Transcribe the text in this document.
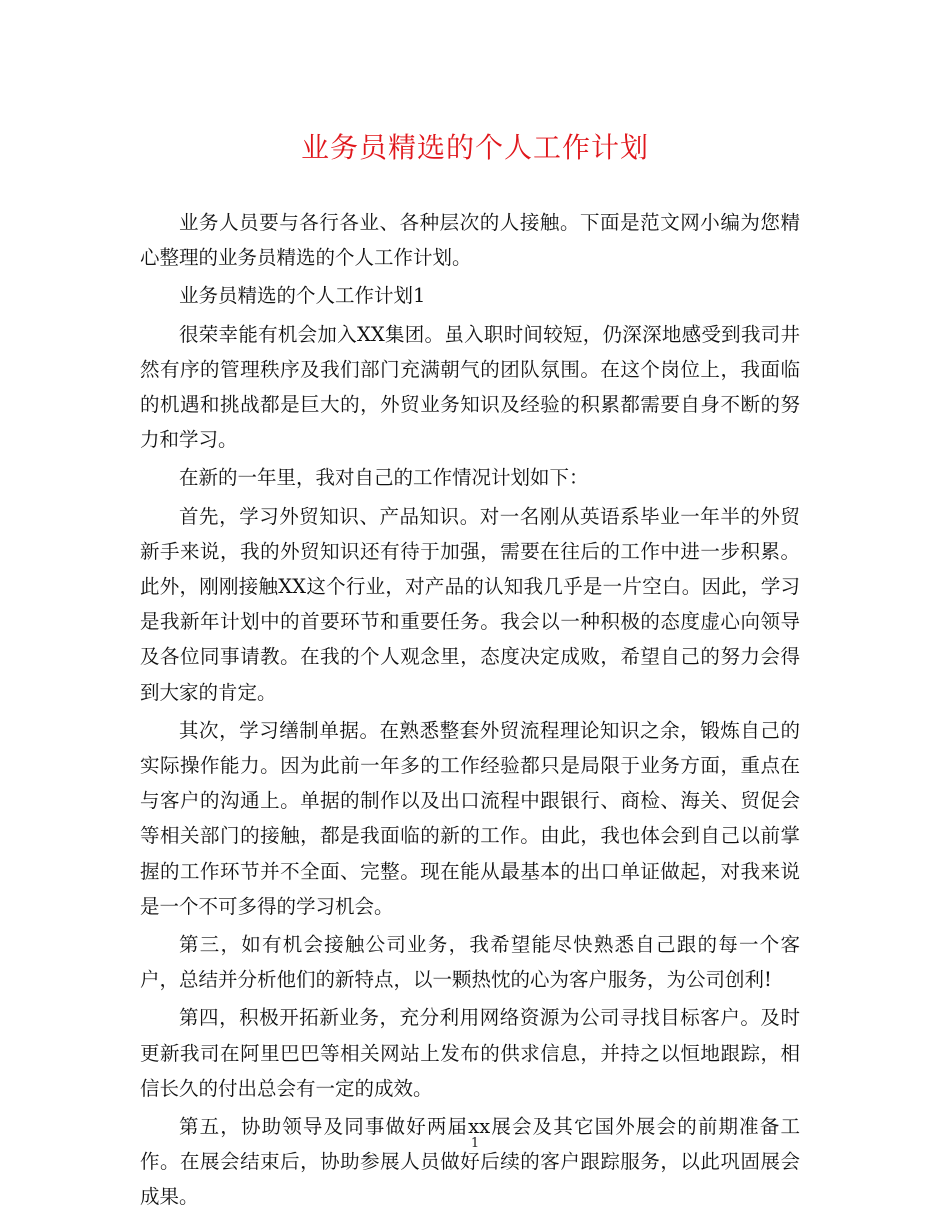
业务员精选的个人工作计划

业务人员要与各行各业、各种层次的人接触。下面是范文网小编为您精心整理的业务员精选的个人工作计划。

业务员精选的个人工作计划1

很荣幸能有机会加入XX集团。虽入职时间较短，仍深深地感受到我司井然有序的管理秩序及我们部门充满朝气的团队氛围。在这个岗位上，我面临的机遇和挑战都是巨大的，外贸业务知识及经验的积累都需要自身不断的努力和学习。

在新的一年里，我对自己的工作情况计划如下：

首先，学习外贸知识、产品知识。对一名刚从英语系毕业一年半的外贸新手来说，我的外贸知识还有待于加强，需要在往后的工作中进一步积累。此外，刚刚接触XX这个行业，对产品的认知我几乎是一片空白。因此，学习是我新年计划中的首要环节和重要任务。我会以一种积极的态度虚心向领导及各位同事请教。在我的个人观念里，态度决定成败，希望自己的努力会得到大家的肯定。

其次，学习缮制单据。在熟悉整套外贸流程理论知识之余，锻炼自己的实际操作能力。因为此前一年多的工作经验都只是局限于业务方面，重点在与客户的沟通上。单据的制作以及出口流程中跟银行、商检、海关、贸促会等相关部门的接触，都是我面临的新的工作。由此，我也体会到自己以前掌握的工作环节并不全面、完整。现在能从最基本的出口单证做起，对我来说是一个不可多得的学习机会。

第三，如有机会接触公司业务，我希望能尽快熟悉自己跟的每一个客户，总结并分析他们的新特点，以一颗热忱的心为客户服务，为公司创利!

第四，积极开拓新业务，充分利用网络资源为公司寻找目标客户。及时更新我司在阿里巴巴等相关网站上发布的供求信息，并持之以恒地跟踪，相信长久的付出总会有一定的成效。

第五，协助领导及同事做好两届xx展会及其它国外展会的前期准备工作。在展会结束后，协助参展人员做好后续的客户跟踪服务，以此巩固展会成果。

1
